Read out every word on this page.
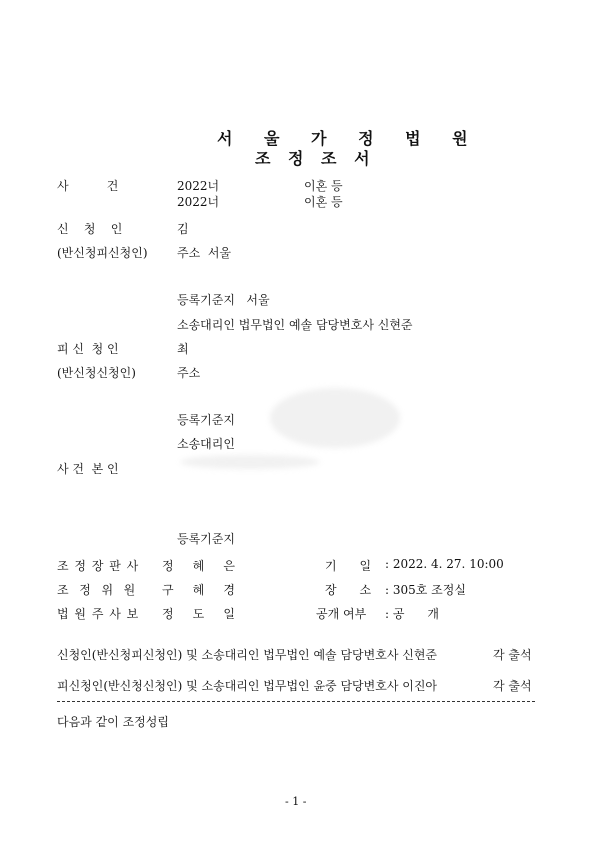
서 울 가 정 법 원
조 정 조 서
사          건	2022너	이혼 등
2022너	이혼 등
신    청    인	김
(반신청피신청인) 주소  서울
등록기준지   서울
소송대리인 법무법인 예솔 담당변호사 신현준
피 신  청 인	최
(반신청신청인)	주소
등록기준지
소송대리인
사 건  본 인
등록기준지
조 정 장 판 사 정     혜     은	기      일 : 2022. 4. 27. 10:00
조  정  위  원 구     혜     경	장      소 : 305호 조정실
법 원 주 사 보 정     도     일	공개 여부 : 공      개
신청인(반신청피신청인) 및 소송대리인 법무법인 예솔 담당변호사 신현준	각 출석
피신청인(반신청신청인) 및 소송대리인 법무법인 윤중 담당변호사 이진아	각 출석
다음과 같이 조정성립
- 1 -
